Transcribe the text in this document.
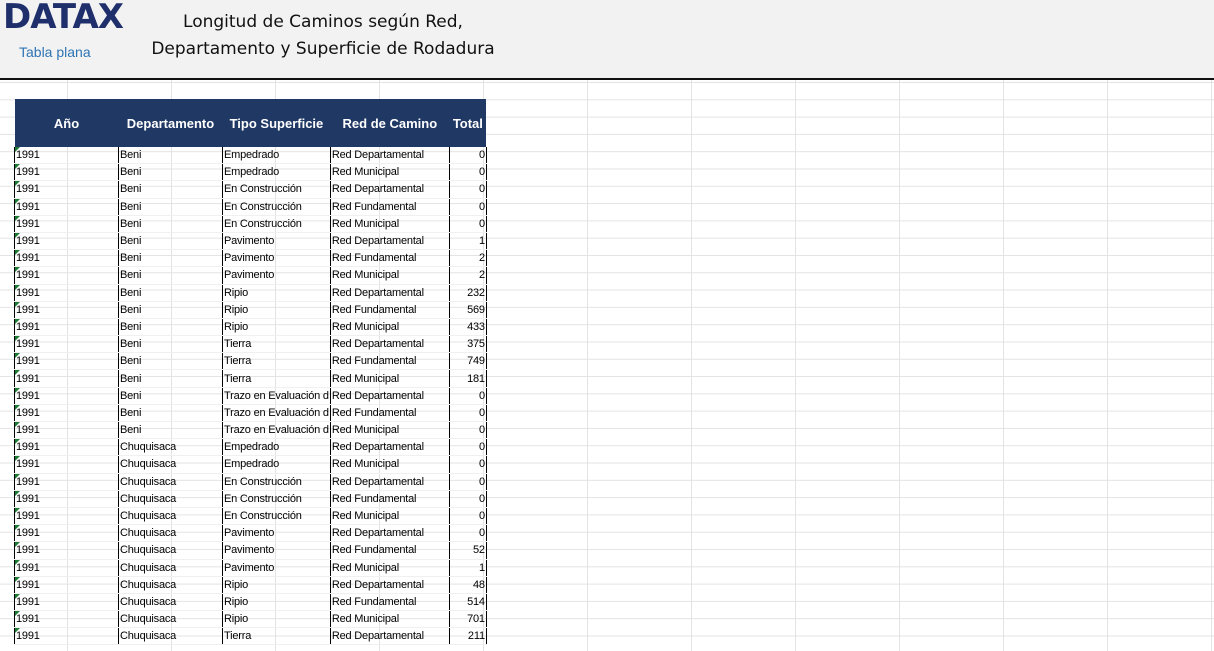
DATAX
Tabla plana
Longitud de Caminos según Red,
Departamento y Superficie de Rodadura
Año	Departamento	Tipo Superficie	Red de Camino	Total
1991	Beni	Empedrado	Red Departamental	0
1991	Beni	Empedrado	Red Municipal	0
1991	Beni	En Construcción	Red Departamental	0
1991	Beni	En Construcción	Red Fundamental	0
1991	Beni	En Construcción	Red Municipal	0
1991	Beni	Pavimento	Red Departamental	1
1991	Beni	Pavimento	Red Fundamental	2
1991	Beni	Pavimento	Red Municipal	2
1991	Beni	Ripio	Red Departamental	232
1991	Beni	Ripio	Red Fundamental	569
1991	Beni	Ripio	Red Municipal	433
1991	Beni	Tierra	Red Departamental	375
1991	Beni	Tierra	Red Fundamental	749
1991	Beni	Tierra	Red Municipal	181
1991	Beni	Trazo en Evaluación d	Red Departamental	0
1991	Beni	Trazo en Evaluación d	Red Fundamental	0
1991	Beni	Trazo en Evaluación d	Red Municipal	0
1991	Chuquisaca	Empedrado	Red Departamental	0
1991	Chuquisaca	Empedrado	Red Municipal	0
1991	Chuquisaca	En Construcción	Red Departamental	0
1991	Chuquisaca	En Construcción	Red Fundamental	0
1991	Chuquisaca	En Construcción	Red Municipal	0
1991	Chuquisaca	Pavimento	Red Departamental	0
1991	Chuquisaca	Pavimento	Red Fundamental	52
1991	Chuquisaca	Pavimento	Red Municipal	1
1991	Chuquisaca	Ripio	Red Departamental	48
1991	Chuquisaca	Ripio	Red Fundamental	514
1991	Chuquisaca	Ripio	Red Municipal	701
1991	Chuquisaca	Tierra	Red Departamental	211
